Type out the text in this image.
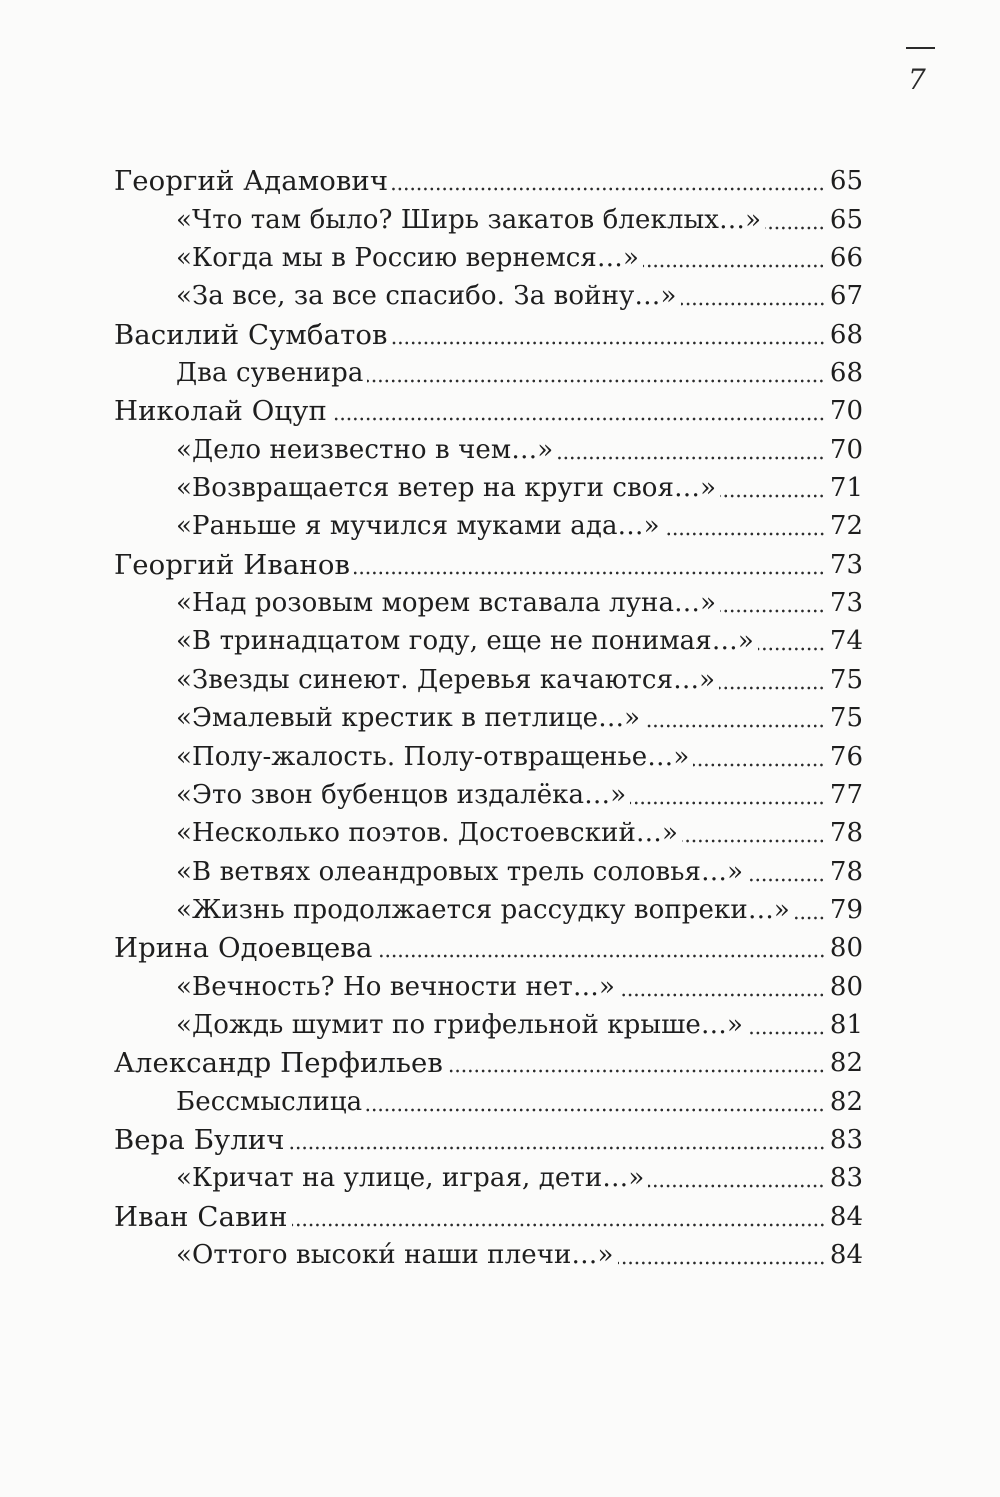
7
Георгий Адамович	65
«Что там было? Ширь закатов блеклых…»	65
«Когда мы в Россию вернемся…»	66
«За все, за все спасибо. За войну…»	67
Василий Сумбатов	68
Два сувенира	68
Николай Оцуп	70
«Дело неизвестно в чем…»	70
«Возвращается ветер на круги своя…»	71
«Раньше я мучился муками ада…»	72
Георгий Иванов	73
«Над розовым морем вставала луна…»	73
«В тринадцатом году, еще не понимая…»	74
«Звезды синеют. Деревья качаются…»	75
«Эмалевый крестик в петлице…»	75
«Полу-жалость. Полу-отвращенье…»	76
«Это звон бубенцов издалёка…»	77
«Несколько поэтов. Достоевский…»	78
«В ветвях олеандровых трель соловья…»	78
«Жизнь продолжается рассудку вопреки…» 79
Ирина Одоевцева	80
«Вечность? Но вечности нет…»	80
«Дождь шумит по грифельной крыше…»	81
Александр Перфильев	82
Бессмыслица	82
Вера Булич	83
«Кричат на улице, играя, дети…»	83
Иван Савин	84
«Оттого высоки́ наши плечи…»	84
